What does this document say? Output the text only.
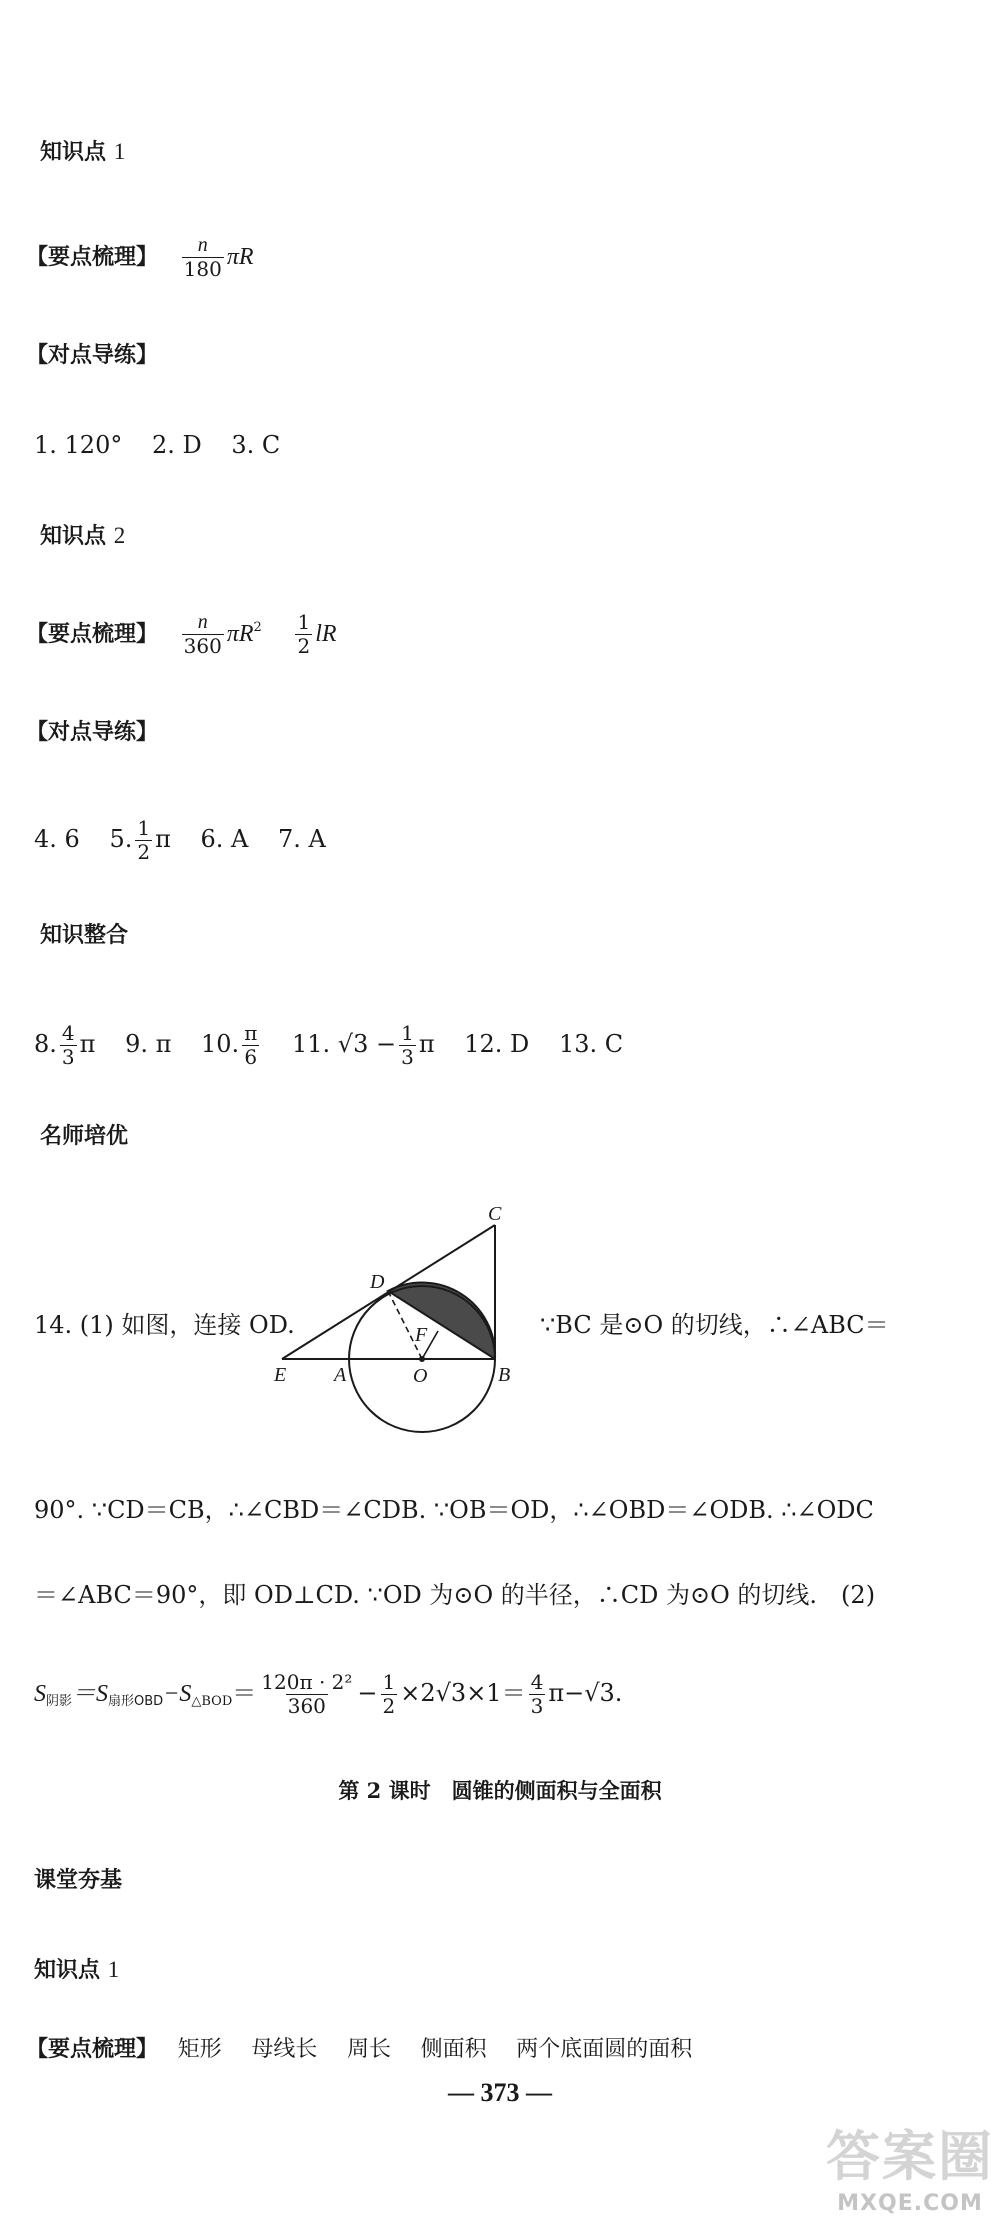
知识点 1
【要点梳理】 $\frac{n}{180}$ πR
【对点导练】
1. 120° 2. D 3. C
知识点 2
【要点梳理】 $\frac{n}{360} \pi R^2 \frac{1}{2}$ lR
【对点导练】
4. 6 5. $\frac{1}{2}$ π 6. A 7. A
知识整合
8. $\frac{4}{3}$ π 9. π 10. $\frac{\pi}{6} 11$. $√3 - \frac{1}{3}$ π 12. D 13. C
名师培优
14. (1) 如图，连接 OD.
C
D
F
E A	O	B
∵BC 是⊙O 的切线，∴∠ABC＝
90°. ∵CD＝CB，∴∠CBD＝∠CDB. ∵OB＝OD，∴∠OBD＝∠ODB. ∴∠ODC
＝∠ABC＝90°，即 OD⊥CD. ∵OD 为⊙O 的半径，∴CD 为⊙O 的切线.　(2)
$S_{阴影}=S_{扇形OBD}-S_{\triangle BOD}= \frac{\text{120π · 2²}}{360} - \frac{1}{2} \times 2√3\times 1= \frac{4}{3} \pi-√3$.
第 2 课时　圆锥的侧面积与全面积
课堂夯基
知识点 1
【要点梳理】 矩形 母线长 周长 侧面积 两个底面圆的面积
— 373 —
答案圈
MXQE.COM
